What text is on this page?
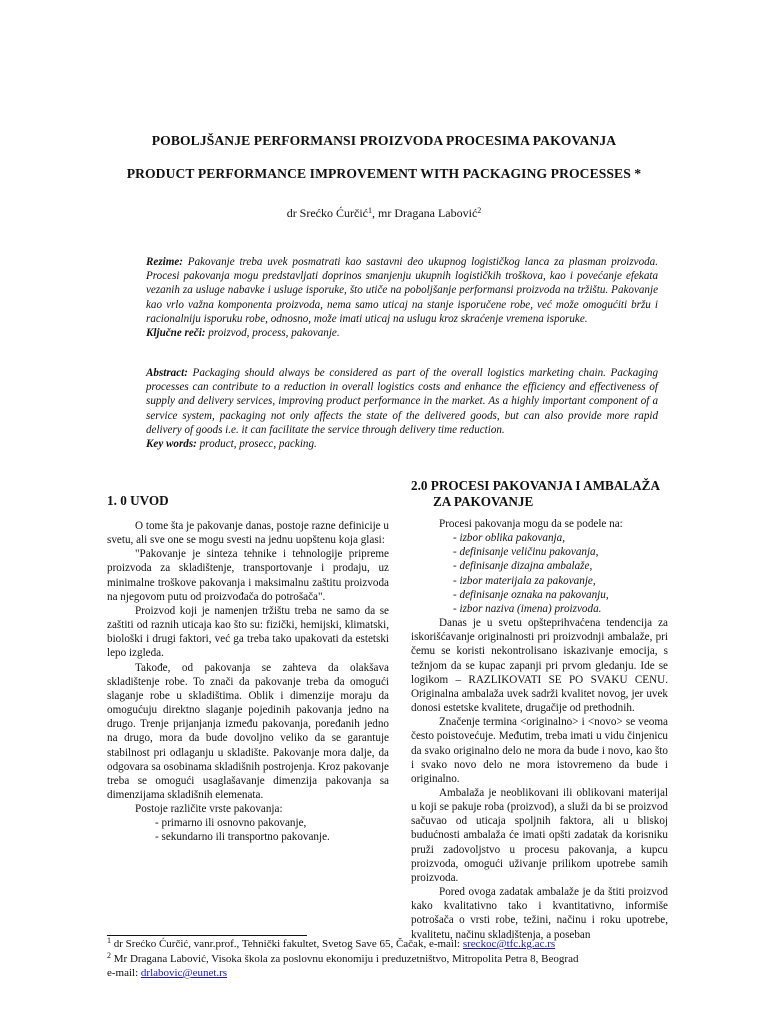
POBOLJŠANJE PERFORMANSI PROIZVODA PROCESIMA PAKOVANJA
PRODUCT PERFORMANCE IMPROVEMENT WITH PACKAGING PROCESSES *
dr Srećko Ćurčić$^1$, mr Dragana Labović$^2$

Rezime: Pakovanje treba uvek posmatrati kao sastavni deo ukupnog logističkog lanca za plasman proizvoda. Procesi pakovanja mogu predstavljati doprinos smanjenju ukupnih logističkih troškova, kao i povećanje efekata vezanih za usluge nabavke i usluge isporuke, što utiče na poboljšanje performansi proizvoda na tržištu. Pakovanje kao vrlo važna komponenta proizvoda, nema samo uticaj na stanje isporučene robe, već može omogućiti bržu i racionalniju isporuku robe, odnosno, može imati uticaj na uslugu kroz skraćenje vremena isporuke.

Ključne reči: proizvod, process, pakovanje.

Abstract: Packaging should always be considered as part of the overall logistics marketing chain. Packaging processes can contribute to a reduction in overall logistics costs and enhance the efficiency and effectiveness of supply and delivery services, improving product performance in the market. As a highly important component of a service system, packaging not only affects the state of the delivered goods, but can also provide more rapid delivery of goods i.e. it can facilitate the service through delivery time reduction.

Key words: product, prosecc, packing.

1. 0 UVOD
2.0 PROCESI PAKOVANJA I AMBALAŽA
ZA PAKOVANJE

O tome šta je pakovanje danas, postoje razne definicije u svetu, ali sve one se mogu svesti na jednu uopštenu koja glasi:

"Pakovanje je sinteza tehnike i tehnologije pripreme proizvoda za skladištenje, transportovanje i prodaju, uz minimalne troškove pakovanja i maksimalnu zaštitu proizvoda na njegovom putu od proizvođača do potrošača".

Proizvod koji je namenjen tržištu treba ne samo da se zaštiti od raznih uticaja kao što su: fizički, hemijski, klimatski, biološki i drugi faktori, već ga treba tako upakovati da estetski lepo izgleda.

Takođe, od pakovanja se zahteva da olakšava skladištenje robe. To znači da pakovanje treba da omogući slaganje robe u skladištima. Oblik i dimenzije moraju da omogućuju direktno slaganje pojedinih pakovanja jedno na drugo. Trenje prijanjanja između pakovanja, poređanih jedno na drugo, mora da bude dovoljno veliko da se garantuje stabilnost pri odlaganju u skladište. Pakovanje mora dalje, da odgovara sa osobinama skladišnih postrojenja. Kroz pakovanje treba se omogući usaglašavanje dimenzija pakovanja sa dimenzijama skladišnih elemenata.

Postoje različite vrste pakovanja:

- primarno ili osnovno pakovanje,
- sekundarno ili transportno pakovanje.

Procesi pakovanja mogu da se podele na:

- izbor oblika pakovanja,
- definisanje veličinu pakovanja,
- definisanje dizajna ambalaže,
- izbor materijala za pakovanje,
- definisanje oznaka na pakovanju,
- izbor naziva (imena) proizvoda.

Danas je u svetu opšteprihvaćena tendencija za iskorišćavanje originalnosti pri proizvodnji ambalaže, pri čemu se koristi nekontrolisano iskazivanje emocija, s težnjom da se kupac zapanji pri prvom gledanju. Ide se logikom – RAZLIKOVATI SE PO SVAKU CENU. Originalna ambalaža uvek sadrži kvalitet novog, jer uvek donosi estetske kvalitete, drugačije od prethodnih.

Značenje termina <originalno> i <novo> se veoma često poistovećuje. Međutim, treba imati u vidu činjenicu da svako originalno delo ne mora da bude i novo, kao što i svako novo delo ne mora istovremeno da bude i originalno.

Ambalaža je neoblikovani ili oblikovani materijal u koji se pakuje roba (proizvod), a služi da bi se proizvod sačuvao od uticaja spoljnih faktora, ali u bliskoj budućnosti ambalaža će imati opšti zadatak da korisniku pruži zadovoljstvo u procesu pakovanja, a kupcu proizvoda, omogući uživanje prilikom upotrebe samih proizvoda.

Pored ovoga zadatak ambalaže je da štiti proizvod kako kvalitativno tako i kvantitativno, informiše potrošača o vrsti robe, težini, načinu i roku upotrebe, kvalitetu, načinu skladištenja, a poseban

$^1$ dr Srećko Ćurčić, vanr.prof., Tehnički fakultet, Svetog Save 65, Čačak, e-mail: sreckoc@tfc.kg.ac.rs
$^2$ Mr Dragana Labović, Visoka škola za poslovnu ekonomiju i preduzetništvo, Mitropolita Petra 8, Beograd
e-mail: drlabovic@eunet.rs
